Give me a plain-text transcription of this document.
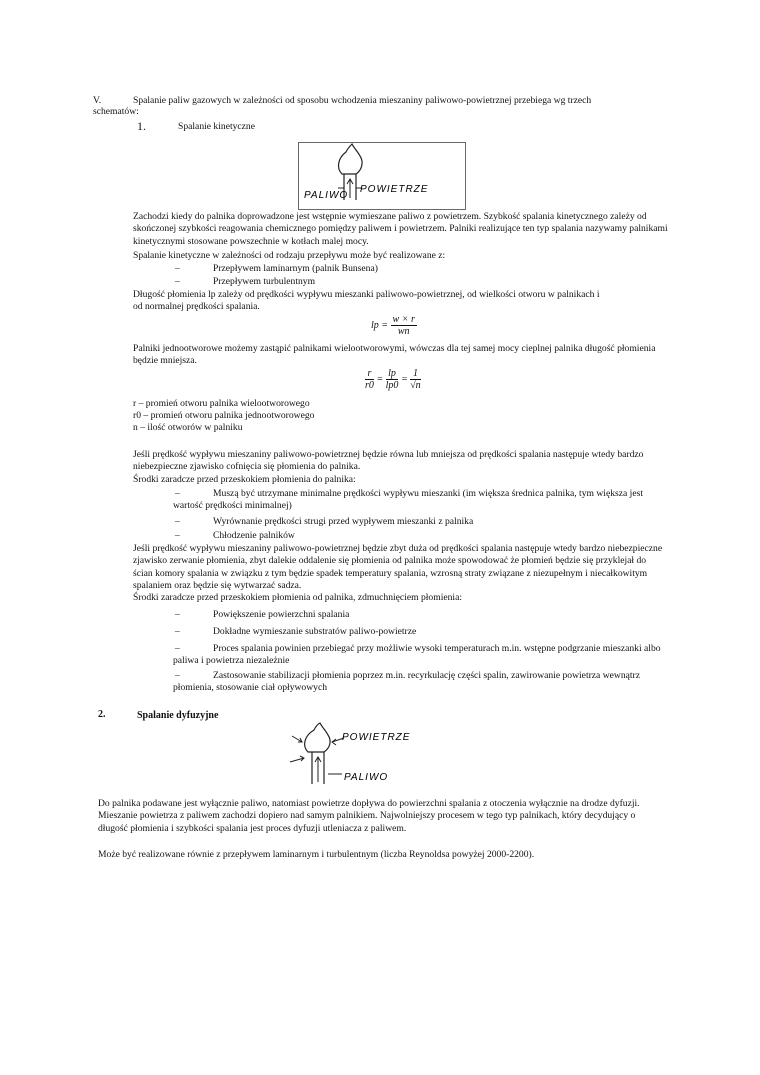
V.	Spalanie paliw gazowych w zależności od sposobu wchodzenia mieszaniny paliwowo-powietrznej przebiega wg trzech
schematów:
1.	Spalanie kinetyczne
PALIWO
POWIETRZE

Zachodzi kiedy do palnika doprowadzone jest wstępnie wymieszane paliwo z powietrzem. Szybkość spalania kinetycznego zależy od skończonej szybkości reagowania chemicznego pomiędzy paliwem i powietrzem. Palniki realizujące ten typ spalania nazywamy palnikami kinetycznymi stosowane powszechnie w kotłach malej mocy.

Spalanie kinetyczne w zależności od rodzaju przepływu może być realizowane z:

–	Przepływem laminarnym (palnik Bunsena)
–	Przepływem turbulentnym
Długość płomienia lp zależy od prędkości wypływu mieszanki paliwowo-powietrznej, od wielkości otworu w palnikach i
od normalnej prędkości spalania.
lp = $\frac{w \times r}{wn}$

Palniki jednootworowe możemy zastąpić palnikami wielootworowymi, wówczas dla tej samej mocy cieplnej palnika długość płomienia będzie mniejsza.

$\frac{r}{r0} = \frac{lp}{lp0} = \frac{1}{√n}$
r – promień otworu palnika wielootworowego
r0 – promień otworu palnika jednootworowego
n – ilość otworów w palniku

Jeśli prędkość wypływu mieszaniny paliwowo-powietrznej będzie równa lub mniejsza od prędkości spalania następuje wtedy bardzo niebezpieczne zjawisko cofnięcia się płomienia do palnika.

Środki zaradcze przed przeskokiem płomienia do palnika:
–	Muszą być utrzymane minimalne prędkości wypływu mieszanki (im większa średnica palnika, tym większa jest wartość prędkości minimalnej)

–	Wyrównanie prędkości strugi przed wypływem mieszanki z palnika
–	Chłodzenie palników

Jeśli prędkość wypływu mieszaniny paliwowo-powietrznej będzie zbyt duża od prędkości spalania następuje wtedy bardzo niebezpieczne zjawisko zerwanie płomienia, zbyt dalekie oddalenie się płomienia od palnika może spowodować że płomień będzie się przyklejał do ścian komory spalania w związku z tym będzie spadek temperatury spalania, wzrosną straty związane z niezupełnym i niecałkowitym spalaniem oraz będzie się wytwarzać sadza.

Środki zaradcze przed przeskokiem płomienia od palnika, zdmuchnięciem płomienia:
–	Powiększenie powierzchni spalania
–	Dokładne wymieszanie substratów paliwo-powietrze
–	Proces spalania powinien przebiegać przy możliwie wysoki temperaturach m.in. wstępne podgrzanie mieszanki albo paliwa i powietrza niezależnie

–	Zastosowanie stabilizacji płomienia poprzez m.in. recyrkulację części spalin, zawirowanie powietrza wewnątrz płomienia, stosowanie ciał opływowych

2.	Spalanie dyfuzyjne
POWIETRZE
PALIWO

Do palnika podawane jest wyłącznie paliwo, natomiast powietrze dopływa do powierzchni spalania z otoczenia wyłącznie na drodze dyfuzji. Mieszanie powietrza z paliwem zachodzi dopiero nad samym palnikiem. Najwolniejszy procesem w tego typ palnikach, który decydujący o długość płomienia i szybkości spalania jest proces dyfuzji utleniacza z paliwem.

Może być realizowane równie z przepływem laminarnym i turbulentnym (liczba Reynoldsa powyżej 2000-2200).
